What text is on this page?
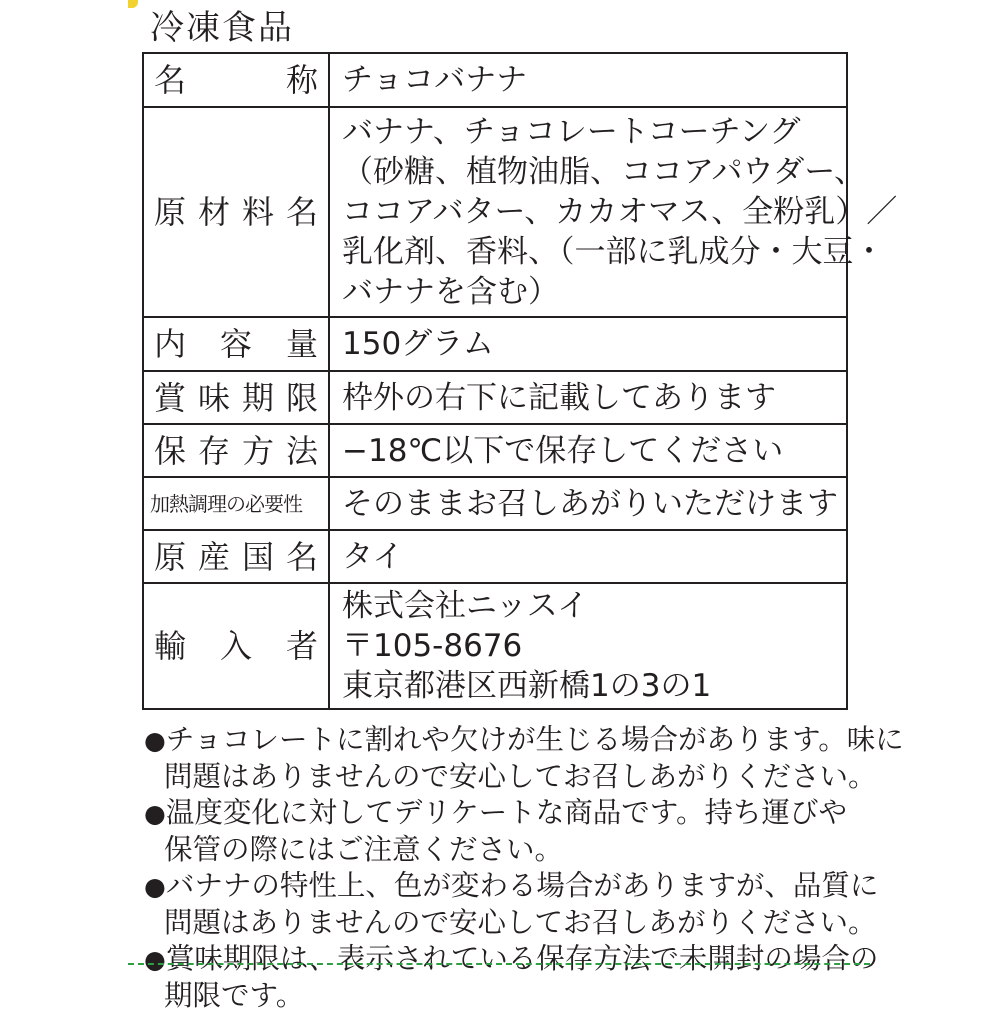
冷凍食品
名 称	チョコバナナ

原 材 料 名	バナナ、チョコレートコーチング
（砂糖、植物油脂、ココアパウダー、
ココアバター、カカオマス、全粉乳）／
乳化剤、香料、（一部に乳成分・大豆・
バナナを含む）

内 容 量	150グラム

賞 味 期 限	枠外の右下に記載してあります

保 存 方 法	−18℃以下で保存してください

加熱調理の必要性	そのままお召しあがりいただけます

原 産 国 名	タイ

輸 入 者	株式会社ニッスイ
〒105-8676
東京都港区西新橋1の3の1
●チョコレートに割れや欠けが生じる場合があります。味に
問題はありませんので安心してお召しあがりください。
●温度変化に対してデリケートな商品です。持ち運びや
保管の際にはご注意ください。
●バナナの特性上、色が変わる場合がありますが、品質に
問題はありませんので安心してお召しあがりください。
●賞味期限は、表示されている保存方法で未開封の場合の
期限です。
